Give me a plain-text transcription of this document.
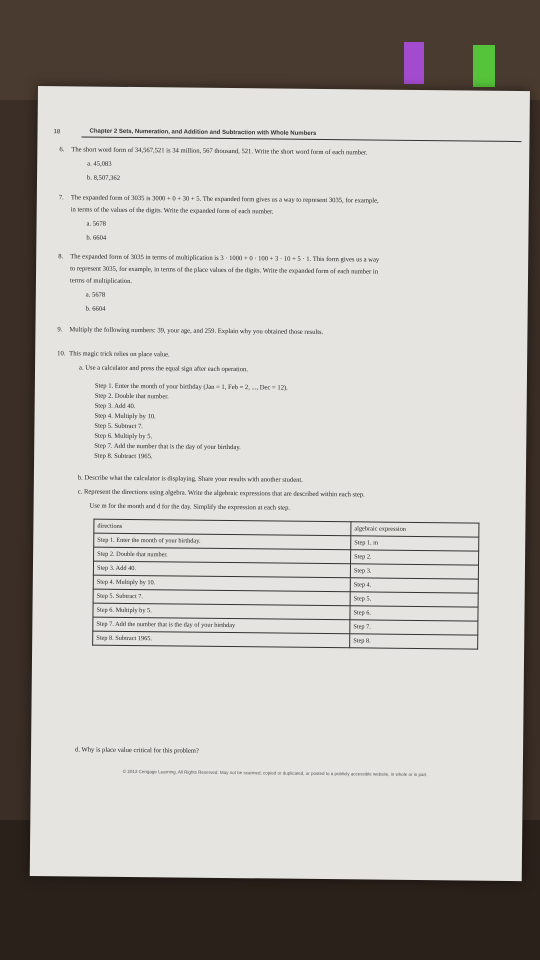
18	Chapter 2 Sets, Numeration, and Addition and Subtraction with Whole Numbers
6. The short word form of 34,567,521 is 34 million, 567 thousand, 521. Write the short word form of each number.
a. 45,083
b. 8,507,362
7. The expanded form of 3035 is 3000 + 0 + 30 + 5. The expanded form gives us a way to represent 3035, for example,
in terms of the values of the digits. Write the expanded form of each number.
a. 5678
b. 6604
8. The expanded form of 3035 in terms of multiplication is 3 · 1000 + 0 · 100 + 3 · 10 + 5 · 1. This form gives us a way
to represent 3035, for example, in terms of the place values of the digits. Write the expanded form of each number in
terms of multiplication.
a. 5678
b. 6604
9. Multiply the following numbers: 39, your age, and 259. Explain why you obtained those results.
10. This magic trick relies on place value.
a. Use a calculator and press the equal sign after each operation.
Step 1. Enter the month of your birthday (Jan = 1, Feb = 2, ..., Dec = 12).
Step 2. Double that number.
Step 3. Add 40.
Step 4. Multiply by 10.
Step 5. Subtract 7.
Step 6. Multiply by 5.
Step 7. Add the number that is the day of your birthday.
Step 8. Subtract 1965.
b. Describe what the calculator is displaying. Share your results with another student.
c. Represent the directions using algebra. Write the algebraic expressions that are described within each step.
Use m for the month and d for the day. Simplify the expression at each step.
directions	algebraic expression
Step 1. Enter the month of your birthday.	Step 1. m
Step 2. Double that number.	Step 2.
Step 3. Add 40.	Step 3.
Step 4. Multiply by 10.	Step 4.
Step 5. Subtract 7.	Step 5.
Step 6. Multiply by 5.	Step 6.
Step 7. Add the number that is the day of your birthday	Step 7.
Step 8. Subtract 1965.	Step 8.
d. Why is place value critical for this problem?
© 2013 Cengage Learning. All Rights Reserved. May not be scanned, copied or duplicated, or posted to a publicly accessible website, in whole or in part.
